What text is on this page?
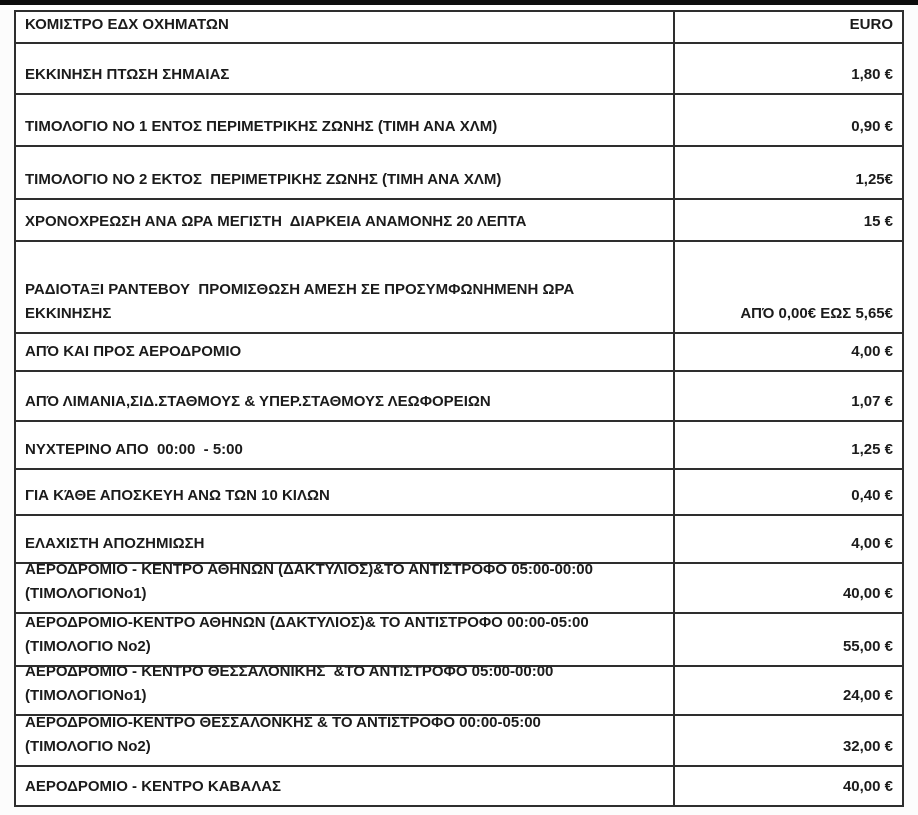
ΚΟΜΙΣΤΡΟ ΕΔΧ ΟΧΗΜΑΤΩΝ	EURO
ΕΚΚΙΝΗΣΗ ΠΤΩΣΗ ΣΗΜΑΙΑΣ	1,80 €
ΤΙΜΟΛΟΓΙΟ ΝΟ 1 ΕΝΤΟΣ ΠΕΡΙΜΕΤΡΙΚΗΣ ΖΩΝΗΣ (ΤΙΜΗ ΑΝΑ ΧΛΜ)	0,90 €
ΤΙΜΟΛΟΓΙΟ ΝΟ 2 ΕΚΤΟΣ  ΠΕΡΙΜΕΤΡΙΚΗΣ ΖΩΝΗΣ (ΤΙΜΗ ΑΝΑ ΧΛΜ)	1,25€
ΧΡΟΝΟΧΡΕΩΣΗ ΑΝΑ ΩΡΑ ΜΕΓΙΣΤΗ  ΔΙΑΡΚΕΙΑ ΑΝΑΜΟΝΗΣ 20 ΛΕΠΤΑ	15 €
ΡΑΔΙΟΤΑΞΙ ΡΑΝΤΕΒΟΥ  ΠΡΟΜΙΣΘΩΣΗ ΑΜΕΣΗ ΣΕ ΠΡΟΣΥΜΦΩΝΗΜΕΝΗ ΩΡΑ
ΕΚΚΙΝΗΣΗΣ	ΑΠΌ 0,00€ ΕΩΣ 5,65€
ΑΠΌ ΚΑΙ ΠΡΟΣ ΑΕΡΟΔΡΟΜΙΟ	4,00 €
ΑΠΌ ΛΙΜΑΝΙΑ,ΣΙΔ.ΣΤΑΘΜΟΥΣ & ΥΠΕΡ.ΣΤΑΘΜΟΥΣ ΛΕΩΦΟΡΕΙΩΝ	1,07 €
ΝΥΧΤΕΡΙΝΟ ΑΠΟ  00:00  - 5:00	1,25 €
ΓΙΑ ΚΆΘΕ ΑΠΟΣΚΕΥΗ ΑΝΩ ΤΩΝ 10 ΚΙΛΩΝ	0,40 €
ΕΛΑΧΙΣΤΗ ΑΠΟΖΗΜΙΩΣΗ	4,00 €
ΑΕΡΟΔΡΟΜΙΟ - ΚΕΝΤΡΟ ΑΘΗΝΩΝ (ΔΑΚΤΥΛΙΟΣ)&ΤΟ ΑΝΤΙΣΤΡΟΦΟ 05:00-00:00
(ΤΙΜΟΛΟΓΙΟΝο1)	40,00 €
ΑΕΡΟΔΡΟΜΙΟ-ΚΕΝΤΡΟ ΑΘΗΝΩΝ (ΔΑΚΤΥΛΙΟΣ)& ΤΟ ΑΝΤΙΣΤΡΟΦΟ 00:00-05:00
(ΤΙΜΟΛΟΓΙΟ Νο2)	55,00 €
ΑΕΡΟΔΡΟΜΙΟ - ΚΕΝΤΡΟ ΘΕΣΣΑΛΟΝΙΚΗΣ  &ΤΟ ΑΝΤΙΣΤΡΟΦΟ 05:00-00:00
(ΤΙΜΟΛΟΓΙΟΝο1)	24,00 €
ΑΕΡΟΔΡΟΜΙΟ-ΚΕΝΤΡΟ ΘΕΣΣΑΛΟΝΚΗΣ & ΤΟ ΑΝΤΙΣΤΡΟΦΟ 00:00-05:00
(ΤΙΜΟΛΟΓΙΟ Νο2)	32,00 €
ΑΕΡΟΔΡΟΜΙΟ - ΚΕΝΤΡΟ ΚΑΒΑΛΑΣ	40,00 €
